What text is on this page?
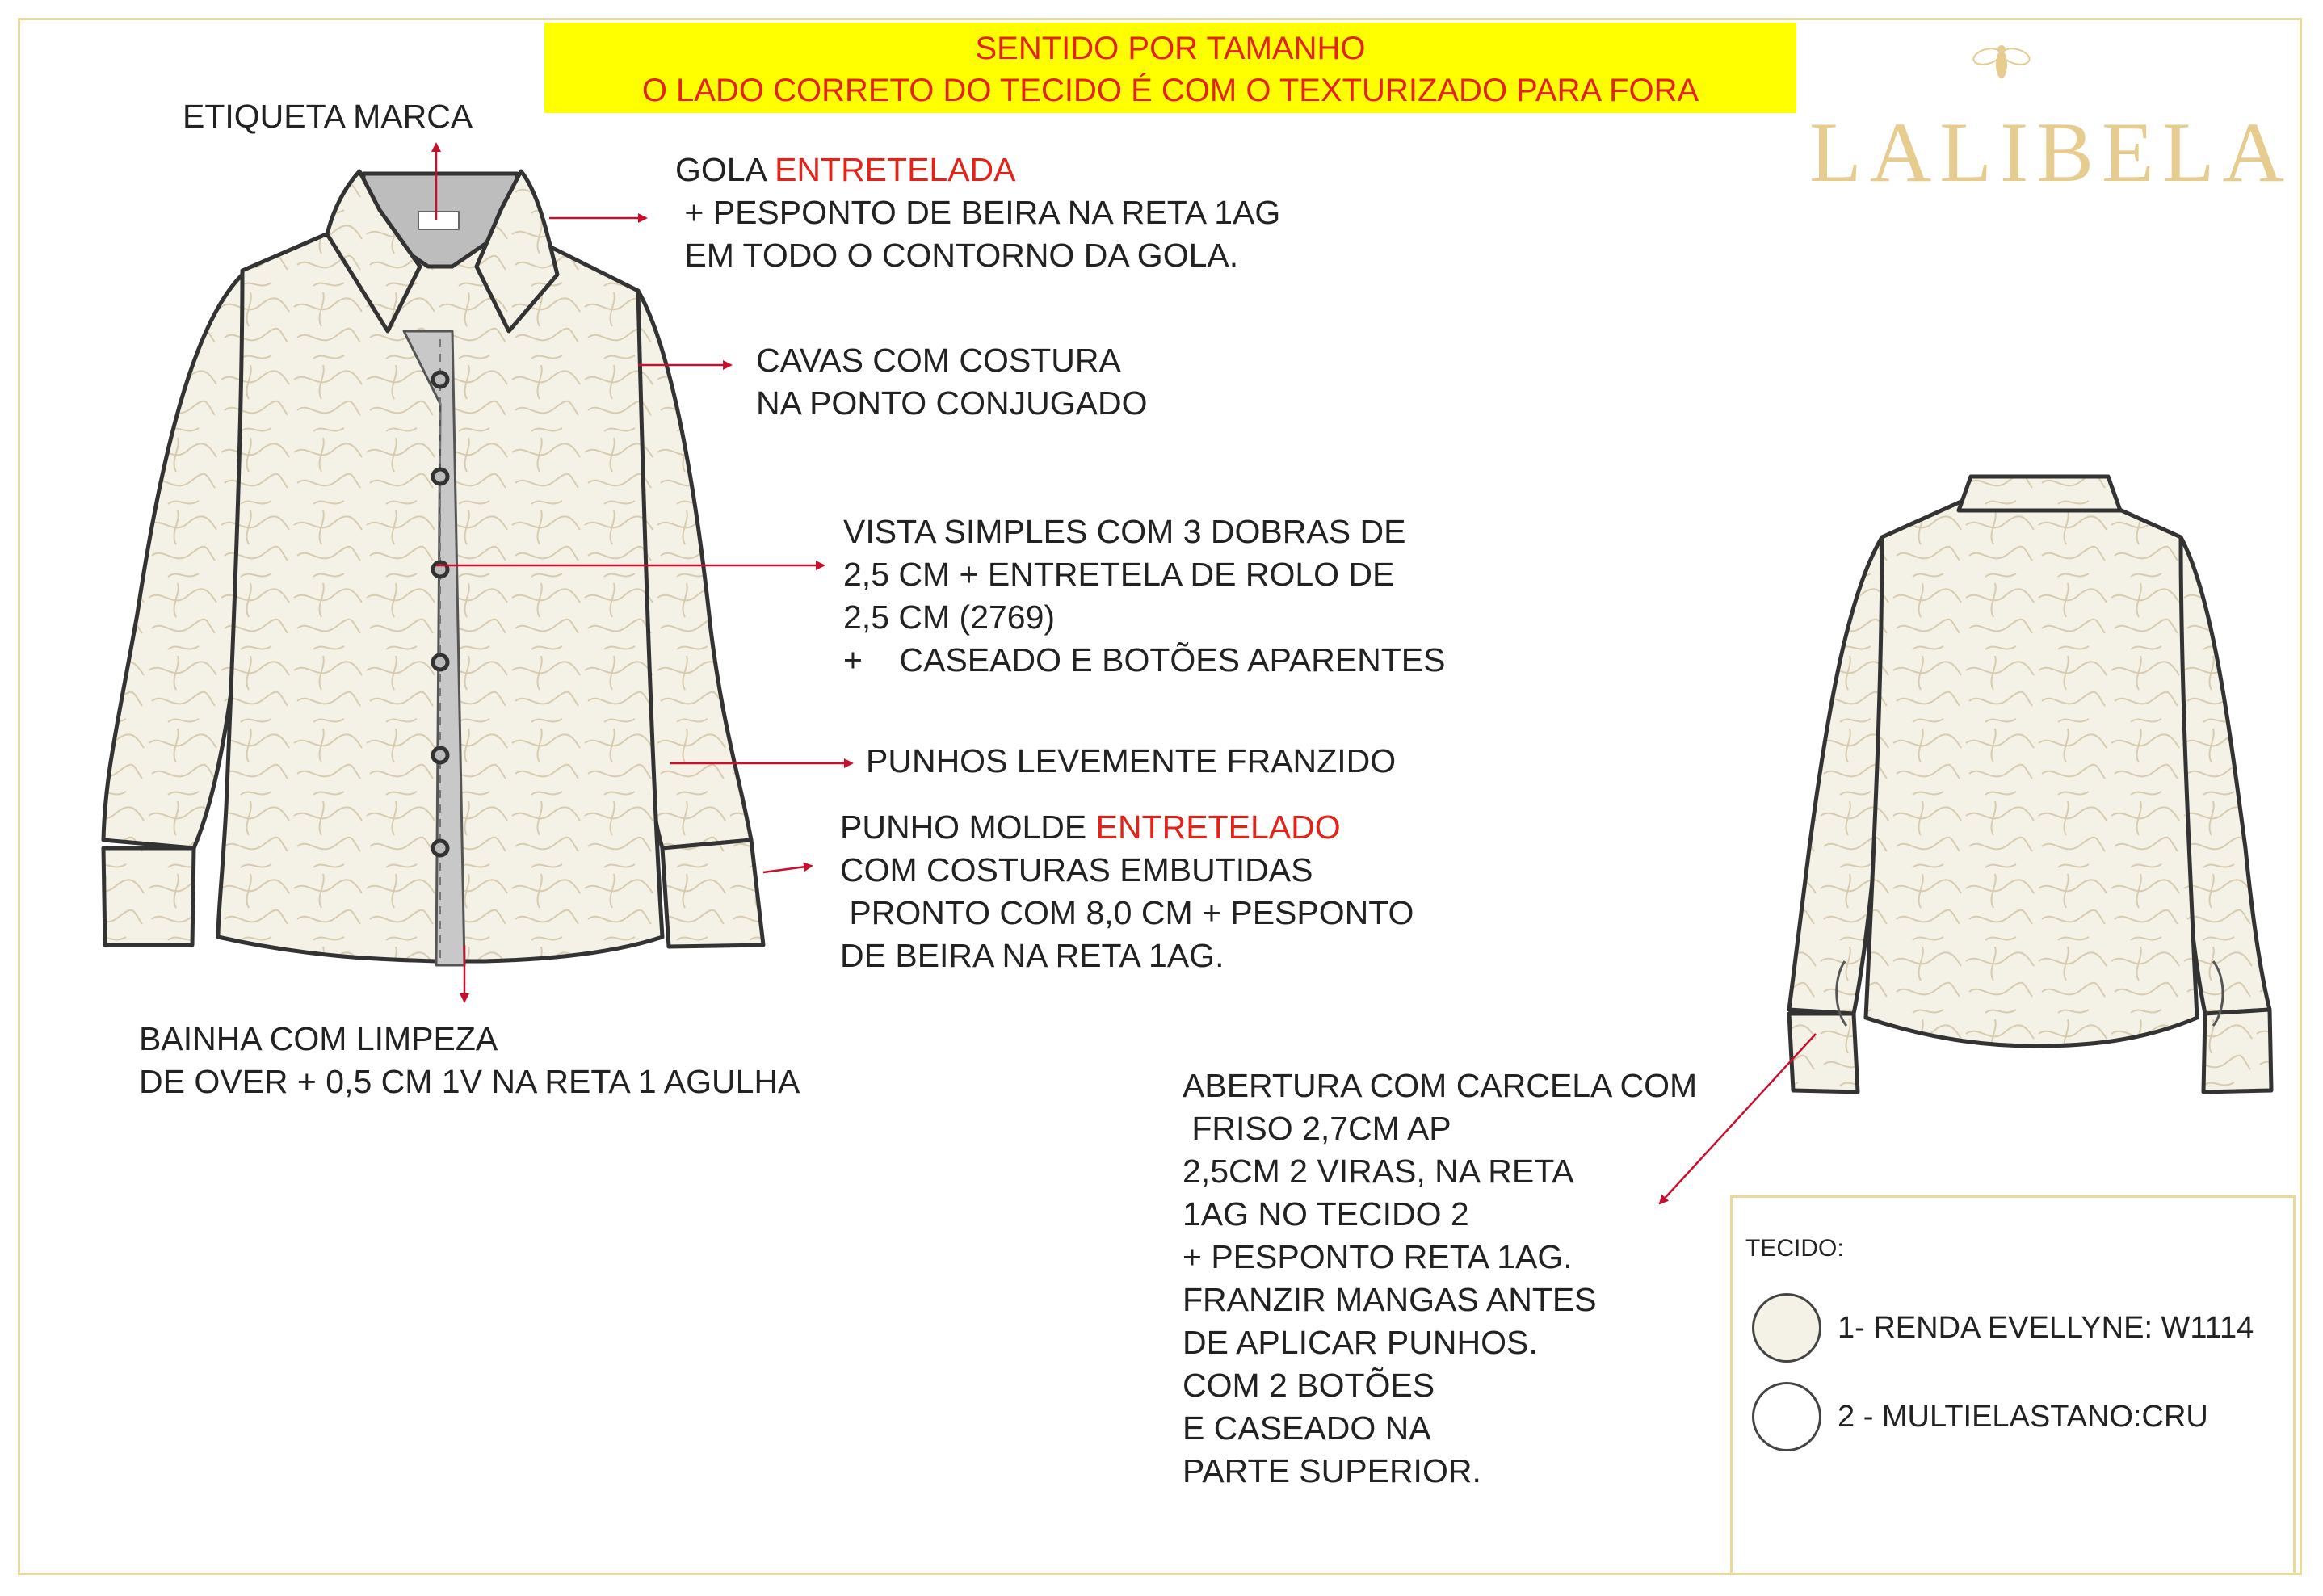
SENTIDO POR TAMANHO
O LADO CORRETO DO TECIDO É COM O TEXTURIZADO PARA FORA
LALIBELA
ETIQUETA MARCA
GOLA ENTRETELADA
+ PESPONTO DE BEIRA NA RETA 1AG
EM TODO O CONTORNO DA GOLA.
CAVAS COM COSTURA
NA PONTO CONJUGADO
VISTA SIMPLES COM 3 DOBRAS DE
2,5 CM + ENTRETELA DE ROLO DE
2,5 CM (2769)
+    CASEADO E BOTÕES APARENTES
PUNHOS LEVEMENTE FRANZIDO
PUNHO MOLDE ENTRETELADO
COM COSTURAS EMBUTIDAS
PRONTO COM 8,0 CM + PESPONTO
DE BEIRA NA RETA 1AG.
BAINHA COM LIMPEZA
DE OVER + 0,5 CM 1V NA RETA 1 AGULHA	ABERTURA COM CARCELA COM
FRISO 2,7CM AP
2,5CM 2 VIRAS, NA RETA
1AG NO TECIDO 2
+ PESPONTO RETA 1AG.
FRANZIR MANGAS ANTES
DE APLICAR PUNHOS.
COM 2 BOTÕES
E CASEADO NA
PARTE SUPERIOR.
TECIDO:
1- RENDA EVELLYNE: W1114
2 - MULTIELASTANO:CRU
